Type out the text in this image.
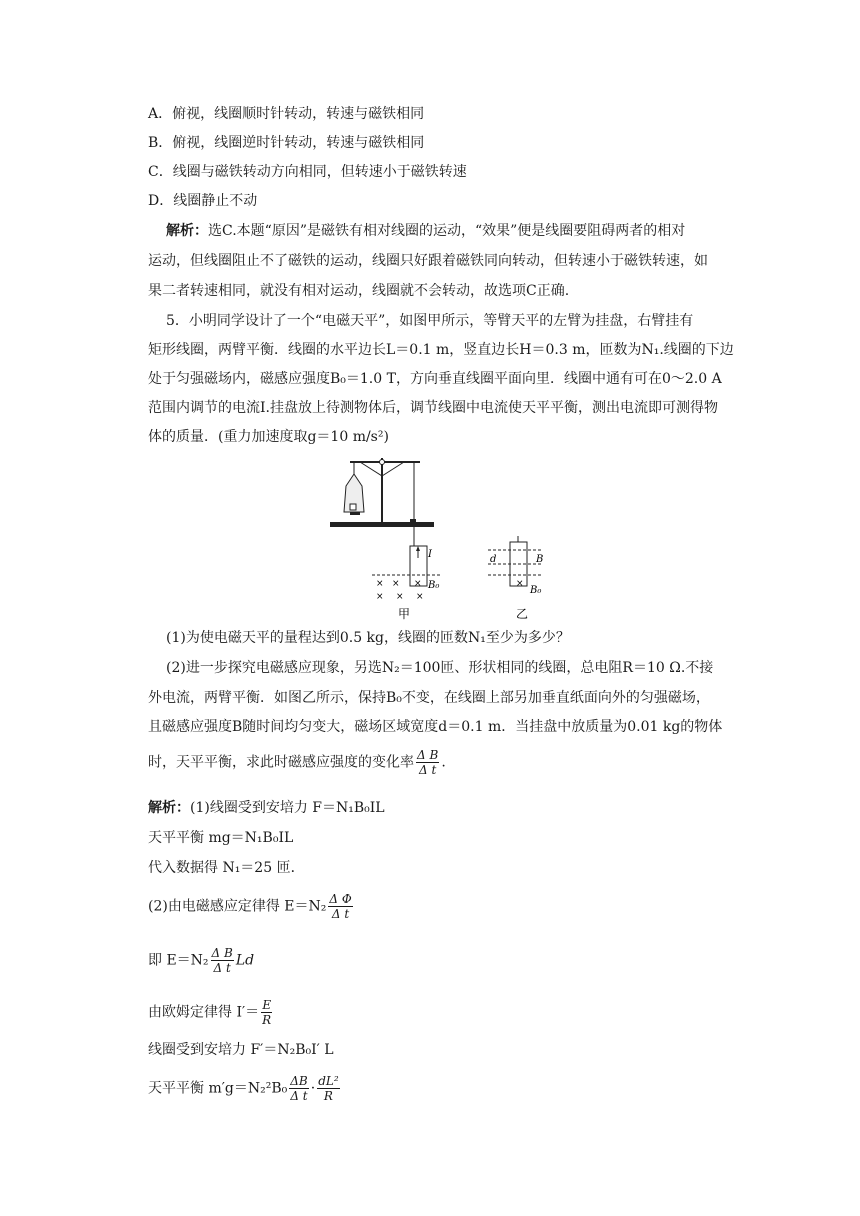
A．俯视，线圈顺时针转动，转速与磁铁相同
B．俯视，线圈逆时针转动，转速与磁铁相同
C．线圈与磁铁转动方向相同，但转速小于磁铁转速
D．线圈静止不动
解析：选C.本题“原因”是磁铁有相对线圈的运动，“效果”便是线圈要阻碍两者的相对
运动，但线圈阻止不了磁铁的运动，线圈只好跟着磁铁同向转动，但转速小于磁铁转速，如
果二者转速相同，就没有相对运动，线圈就不会转动，故选项C正确.
5．小明同学设计了一个“电磁天平”，如图甲所示，等臂天平的左臂为挂盘，右臂挂有
矩形线圈，两臂平衡．线圈的水平边长L＝0.1 m，竖直边长H＝0.3 m，匝数为N₁.线圈的下边
处于匀强磁场内，磁感应强度B₀＝1.0 T，方向垂直线圈平面向里．线圈中通有可在0～2.0 A
范围内调节的电流I.挂盘放上待测物体后，调节线圈中电流使天平平衡，测出电流即可测得物
体的质量．(重力加速度取g＝10 m/s²)
I
× × ×
× × ×
B₀
甲
d	B
×
B₀
乙
(1)为使电磁天平的量程达到0.5 kg，线圈的匝数N₁至少为多少？
(2)进一步探究电磁感应现象，另选N₂＝100匝、形状相同的线圈，总电阻R＝10 Ω.不接
外电流，两臂平衡．如图乙所示，保持B₀不变，在线圈上部另加垂直纸面向外的匀强磁场，
且磁感应强度B随时间均匀变大，磁场区域宽度d＝0.1 m．当挂盘中放质量为0.01 kg的物体
时，天平平衡，求此时磁感应强度的变化率 $\frac{\text{Δ B}}{\text{Δ t}}$ .
解析：(1)线圈受到安培力 F＝N₁B₀IL
天平平衡 mg＝N₁B₀IL
代入数据得 N₁＝25 匝．
(2)由电磁感应定律得 $E=N_2 \frac{\text{Δ Φ}}{\text{Δ t}}$
即 $E=N_2 \frac{\text{Δ B}}{\text{Δ t}}$ Ld
由欧姆定律得 $I'= \frac{E}{R}$
线圈受到安培力 F′＝N₂B₀I′ L
天平平衡 $m'g=N_2^2B_0 \frac{\Delta B}{\text{Δ t}} \cdot \frac{\text{dL²}}{R}$
